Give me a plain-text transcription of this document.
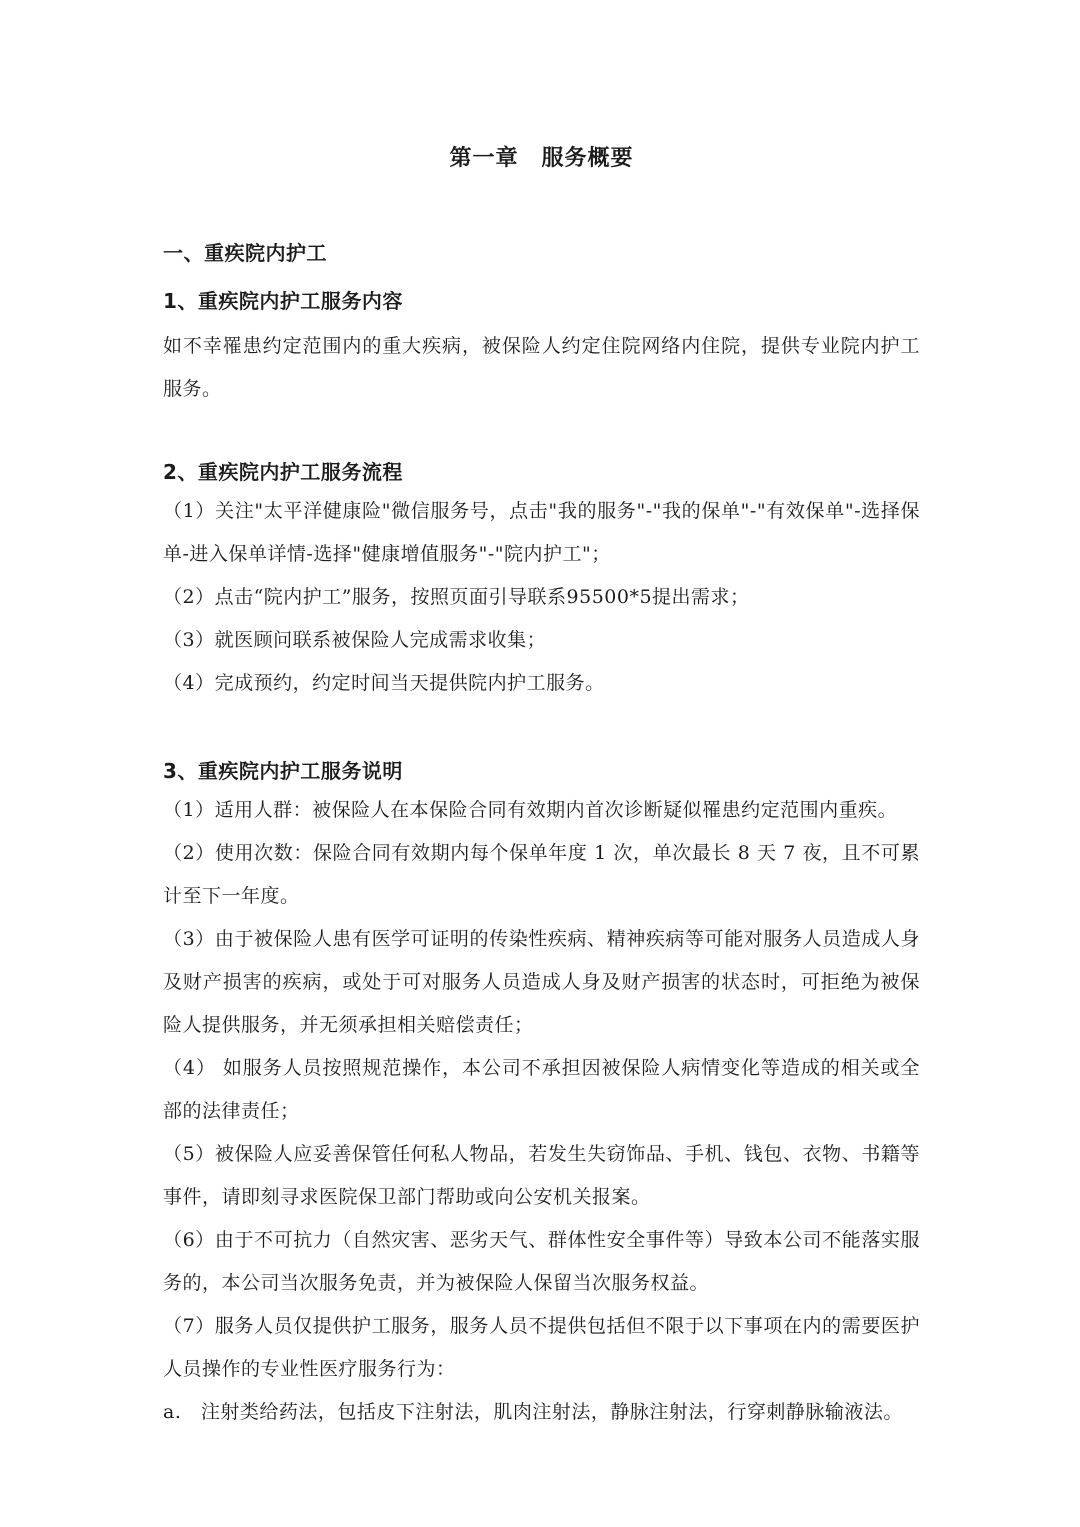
第一章　服务概要
一、重疾院内护工
1、重疾院内护工服务内容

如不幸罹患约定范围内的重大疾病，被保险人约定住院网络内住院，提供专业院内护工服务。

2、重疾院内护工服务流程

（1）关注"太平洋健康险"微信服务号，点击"我的服务"-"我的保单"-"有效保单"-选择保单-进入保单详情-选择"健康增值服务"-"院内护工"；

（2）点击“院内护工”服务，按照页面引导联系95500*5提出需求；

（3）就医顾问联系被保险人完成需求收集；

（4）完成预约，约定时间当天提供院内护工服务。

3、重疾院内护工服务说明

（1）适用人群：被保险人在本保险合同有效期内首次诊断疑似罹患约定范围内重疾。

（2）使用次数：保险合同有效期内每个保单年度 1 次，单次最长 8 天 7 夜，且不可累计至下一年度。

（3）由于被保险人患有医学可证明的传染性疾病、精神疾病等可能对服务人员造成人身及财产损害的疾病，或处于可对服务人员造成人身及财产损害的状态时，可拒绝为被保险人提供服务，并无须承担相关赔偿责任；

（4） 如服务人员按照规范操作，本公司不承担因被保险人病情变化等造成的相关或全部的法律责任；

（5）被保险人应妥善保管任何私人物品，若发生失窃饰品、手机、钱包、衣物、书籍等事件，请即刻寻求医院保卫部门帮助或向公安机关报案。

（6）由于不可抗力（自然灾害、恶劣天气、群体性安全事件等）导致本公司不能落实服务的，本公司当次服务免责，并为被保险人保留当次服务权益。

（7）服务人员仅提供护工服务，服务人员不提供包括但不限于以下事项在内的需要医护人员操作的专业性医疗服务行为：

a.　注射类给药法，包括皮下注射法，肌肉注射法，静脉注射法，行穿刺静脉输液法。
